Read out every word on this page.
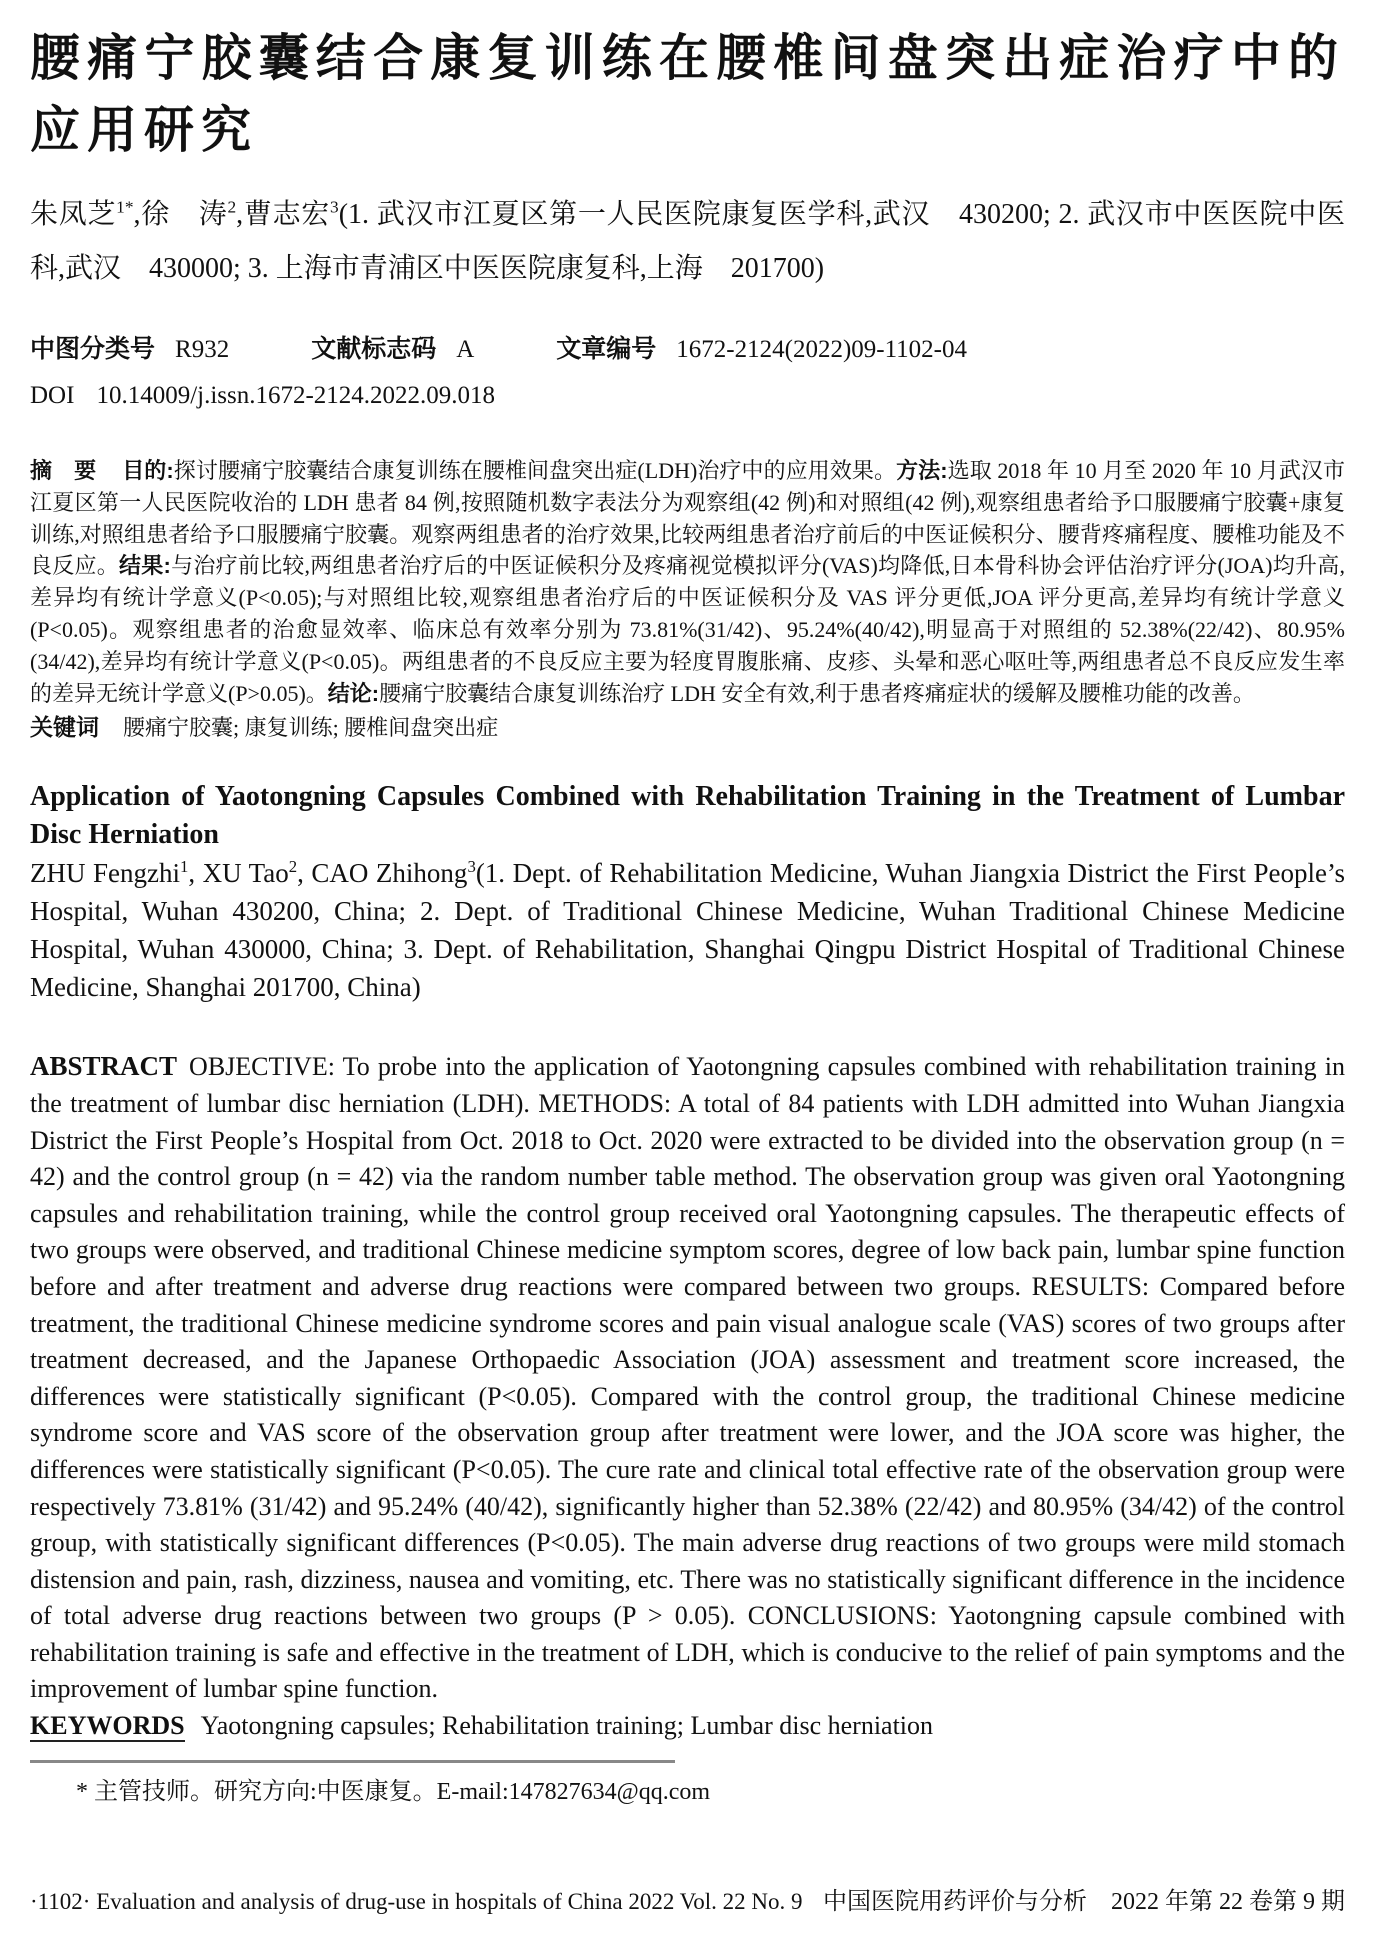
腰痛宁胶囊结合康复训练在腰椎间盘突出症治疗中的应用研究

朱凤芝$^{1*}$,徐　涛$^2$,曹志宏$^3$(1. 武汉市江夏区第一人民医院康复医学科,武汉　430200; 2. 武汉市中医医院中医科,武汉　430000; 3. 上海市青浦区中医医院康复科,上海　201700)

中图分类号 R932	文献标志码 A	文章编号 1672-2124(2022)09-1102-04

DOI 10.14009/j.issn.1672-2124.2022.09.018

摘　要 目的:探讨腰痛宁胶囊结合康复训练在腰椎间盘突出症(LDH)治疗中的应用效果。方法:选取 2018 年 10 月至 2020 年 10 月武汉市江夏区第一人民医院收治的 LDH 患者 84 例,按照随机数字表法分为观察组(42 例)和对照组(42 例),观察组患者给予口服腰痛宁胶囊+康复训练,对照组患者给予口服腰痛宁胶囊。观察两组患者的治疗效果,比较两组患者治疗前后的中医证候积分、腰背疼痛程度、腰椎功能及不良反应。结果:与治疗前比较,两组患者治疗后的中医证候积分及疼痛视觉模拟评分(VAS)均降低,日本骨科协会评估治疗评分(JOA)均升高,差异均有统计学意义(P<0.05);与对照组比较,观察组患者治疗后的中医证候积分及 VAS 评分更低,JOA 评分更高,差异均有统计学意义(P<0.05)。观察组患者的治愈显效率、临床总有效率分别为 73.81%(31/42)、95.24%(40/42),明显高于对照组的 52.38%(22/42)、80.95%(34/42),差异均有统计学意义(P<0.05)。两组患者的不良反应主要为轻度胃腹胀痛、皮疹、头晕和恶心呕吐等,两组患者总不良反应发生率的差异无统计学意义(P>0.05)。结论:腰痛宁胶囊结合康复训练治疗 LDH 安全有效,利于患者疼痛症状的缓解及腰椎功能的改善。

关键词 腰痛宁胶囊; 康复训练; 腰椎间盘突出症

Application of Yaotongning Capsules Combined with Rehabilitation Training in the Treatment of Lumbar Disc Herniation

ZHU Fengzhi$^1$, XU Tao$^2$, CAO Zhihong$^3$(1. Dept. of Rehabilitation Medicine, Wuhan Jiangxia District the First People’s Hospital, Wuhan 430200, China; 2. Dept. of Traditional Chinese Medicine, Wuhan Traditional Chinese Medicine Hospital, Wuhan 430000, China; 3. Dept. of Rehabilitation, Shanghai Qingpu District Hospital of Traditional Chinese Medicine, Shanghai 201700, China)

ABSTRACT OBJECTIVE: To probe into the application of Yaotongning capsules combined with rehabilitation training in the treatment of lumbar disc herniation (LDH). METHODS: A total of 84 patients with LDH admitted into Wuhan Jiangxia District the First People’s Hospital from Oct. 2018 to Oct. 2020 were extracted to be divided into the observation group (n = 42) and the control group (n = 42) via the random number table method. The observation group was given oral Yaotongning capsules and rehabilitation training, while the control group received oral Yaotongning capsules. The therapeutic effects of two groups were observed, and traditional Chinese medicine symptom scores, degree of low back pain, lumbar spine function before and after treatment and adverse drug reactions were compared between two groups. RESULTS: Compared before treatment, the traditional Chinese medicine syndrome scores and pain visual analogue scale (VAS) scores of two groups after treatment decreased, and the Japanese Orthopaedic Association (JOA) assessment and treatment score increased, the differences were statistically significant (P<0.05). Compared with the control group, the traditional Chinese medicine syndrome score and VAS score of the observation group after treatment were lower, and the JOA score was higher, the differences were statistically significant (P<0.05). The cure rate and clinical total effective rate of the observation group were respectively 73.81% (31/42) and 95.24% (40/42), significantly higher than 52.38% (22/42) and 80.95% (34/42) of the control group, with statistically significant differences (P<0.05). The main adverse drug reactions of two groups were mild stomach distension and pain, rash, dizziness, nausea and vomiting, etc. There was no statistically significant difference in the incidence of total adverse drug reactions between two groups (P > 0.05). CONCLUSIONS: Yaotongning capsule combined with rehabilitation training is safe and effective in the treatment of LDH, which is conducive to the relief of pain symptoms and the improvement of lumbar spine function.

KEYWORDS Yaotongning capsules; Rehabilitation training; Lumbar disc herniation

* 主管技师。研究方向:中医康复。E-mail:147827634@qq.com

·1102· Evaluation and analysis of drug-use in hospitals of China 2022 Vol. 22 No. 9 中国医院用药评价与分析　2022 年第 22 卷第 9 期
